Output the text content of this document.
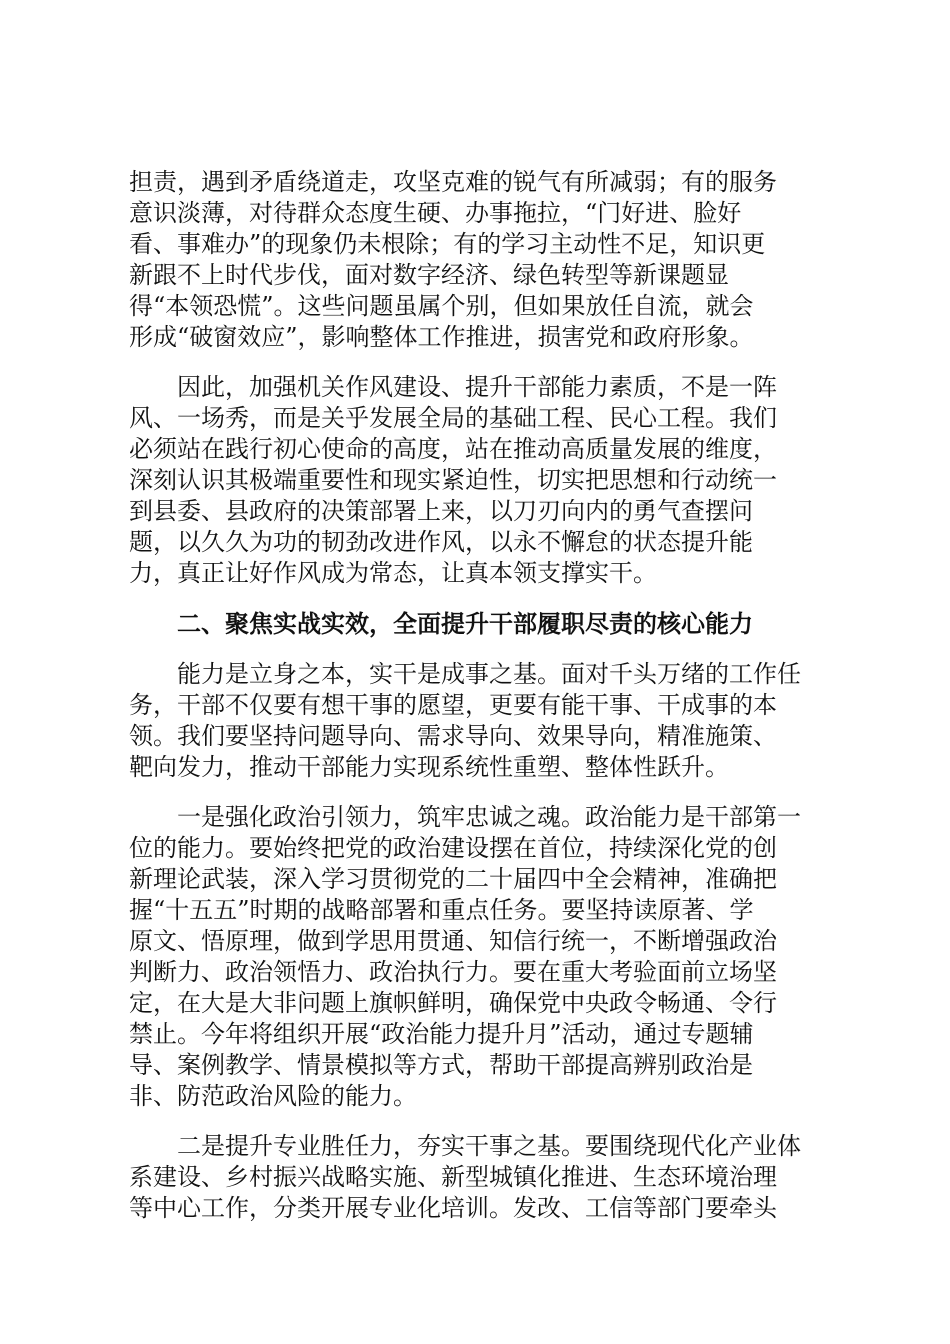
担责，遇到矛盾绕道走，攻坚克难的锐气有所减弱；有的服务
意识淡薄，对待群众态度生硬、办事拖拉，“门好进、脸好
看、事难办”的现象仍未根除；有的学习主动性不足，知识更
新跟不上时代步伐，面对数字经济、绿色转型等新课题显
得“本领恐慌”。这些问题虽属个别，但如果放任自流，就会
形成“破窗效应”，影响整体工作推进，损害党和政府形象。
因此，加强机关作风建设、提升干部能力素质，不是一阵
风、一场秀，而是关乎发展全局的基础工程、民心工程。我们
必须站在践行初心使命的高度，站在推动高质量发展的维度，
深刻认识其极端重要性和现实紧迫性，切实把思想和行动统一
到县委、县政府的决策部署上来，以刀刃向内的勇气查摆问
题，以久久为功的韧劲改进作风，以永不懈怠的状态提升能
力，真正让好作风成为常态，让真本领支撑实干。
二、聚焦实战实效，全面提升干部履职尽责的核心能力
能力是立身之本，实干是成事之基。面对千头万绪的工作任
务，干部不仅要有想干事的愿望，更要有能干事、干成事的本
领。我们要坚持问题导向、需求导向、效果导向，精准施策、
靶向发力，推动干部能力实现系统性重塑、整体性跃升。
一是强化政治引领力，筑牢忠诚之魂。政治能力是干部第一
位的能力。要始终把党的政治建设摆在首位，持续深化党的创
新理论武装，深入学习贯彻党的二十届四中全会精神，准确把
握“十五五”时期的战略部署和重点任务。要坚持读原著、学
原文、悟原理，做到学思用贯通、知信行统一，不断增强政治
判断力、政治领悟力、政治执行力。要在重大考验面前立场坚
定，在大是大非问题上旗帜鲜明，确保党中央政令畅通、令行
禁止。今年将组织开展“政治能力提升月”活动，通过专题辅
导、案例教学、情景模拟等方式，帮助干部提高辨别政治是
非、防范政治风险的能力。
二是提升专业胜任力，夯实干事之基。要围绕现代化产业体
系建设、乡村振兴战略实施、新型城镇化推进、生态环境治理
等中心工作，分类开展专业化培训。发改、工信等部门要牵头
